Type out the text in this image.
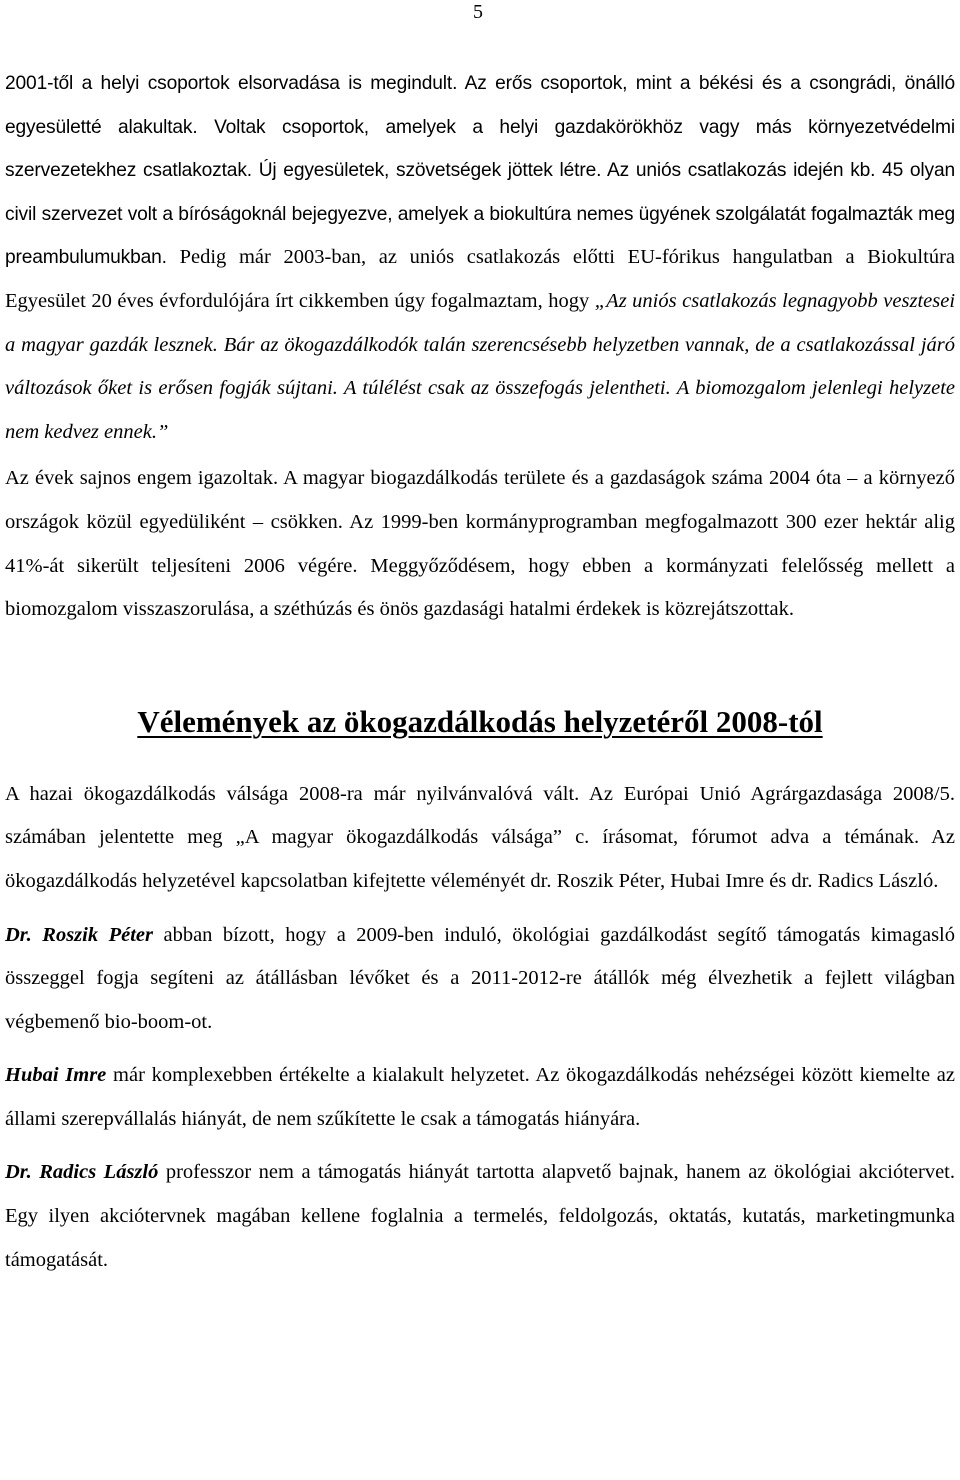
5

2001-től a helyi csoportok elsorvadása is megindult. Az erős csoportok, mint a békési és a csongrádi, önálló egyesületté alakultak. Voltak csoportok, amelyek a helyi gazdakörökhöz vagy más környezetvédelmi szervezetekhez csatlakoztak. Új egyesületek, szövetségek jöttek létre. Az uniós csatlakozás idején kb. 45 olyan civil szervezet volt a bíróságoknál bejegyezve, amelyek a biokultúra nemes ügyének szolgálatát fogalmazták meg preambulumukban. Pedig már 2003-ban, az uniós csatlakozás előtti EU-fórikus hangulatban a Biokultúra Egyesület 20 éves évfordulójára írt cikkemben úgy fogalmaztam, hogy „Az uniós csatlakozás legnagyobb vesztesei a magyar gazdák lesznek. Bár az ökogazdálkodók talán szerencsésebb helyzetben vannak, de a csatlakozással járó változások őket is erősen fogják sújtani. A túlélést csak az összefogás jelentheti. A biomozgalom jelenlegi helyzete nem kedvez ennek.”

Az évek sajnos engem igazoltak. A magyar biogazdálkodás területe és a gazdaságok száma 2004 óta – a környező országok közül egyedüliként – csökken. Az 1999-ben kormányprogramban megfogalmazott 300 ezer hektár alig 41%-át sikerült teljesíteni 2006 végére. Meggyőződésem, hogy ebben a kormányzati felelősség mellett a biomozgalom visszaszorulása, a széthúzás és önös gazdasági hatalmi érdekek is közrejátszottak.

Vélemények az ökogazdálkodás helyzetéről 2008-tól

A hazai ökogazdálkodás válsága 2008-ra már nyilvánvalóvá vált. Az Európai Unió Agrárgazdasága 2008/5. számában jelentette meg „A magyar ökogazdálkodás válsága” c. írásomat, fórumot adva a témának. Az ökogazdálkodás helyzetével kapcsolatban kifejtette véleményét dr. Roszik Péter, Hubai Imre és dr. Radics László.

Dr. Roszik Péter abban bízott, hogy a 2009-ben induló, ökológiai gazdálkodást segítő támogatás kimagasló összeggel fogja segíteni az átállásban lévőket és a 2011-2012-re átállók még élvezhetik a fejlett világban végbemenő bio-boom-ot.

Hubai Imre már komplexebben értékelte a kialakult helyzetet. Az ökogazdálkodás nehézségei között kiemelte az állami szerepvállalás hiányát, de nem szűkítette le csak a támogatás hiányára.

Dr. Radics László professzor nem a támogatás hiányát tartotta alapvető bajnak, hanem az ökológiai akciótervet. Egy ilyen akciótervnek magában kellene foglalnia a termelés, feldolgozás, oktatás, kutatás, marketingmunka támogatását.
